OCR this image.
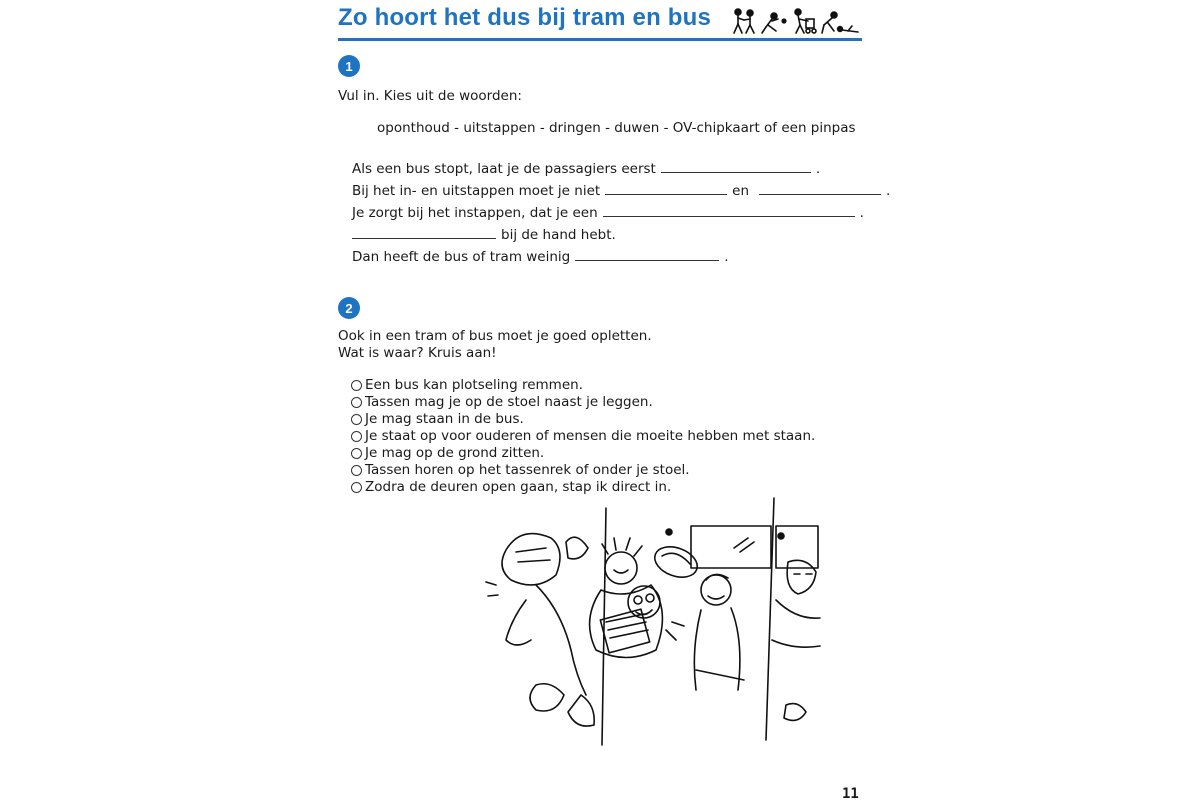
Zo hoort het dus bij tram en bus
1
Vul in. Kies uit de woorden:
oponthoud - uitstappen - dringen - duwen - OV-chipkaart of een pinpas
Als een bus stopt, laat je de passagiers eerst	.
Bij het in- en uitstappen moet je niet	en	.
Je zorgt bij het instappen, dat je een	.
bij de hand hebt.
Dan heeft de bus of tram weinig	.
2
Ook in een tram of bus moet je goed opletten.
Wat is waar? Kruis aan!
Een bus kan plotseling remmen.
Tassen mag je op de stoel naast je leggen.
Je mag staan in de bus.
Je staat op voor ouderen of mensen die moeite hebben met staan.
Je mag op de grond zitten.
Tassen horen op het tassenrek of onder je stoel.
Zodra de deuren open gaan, stap ik direct in.
11
